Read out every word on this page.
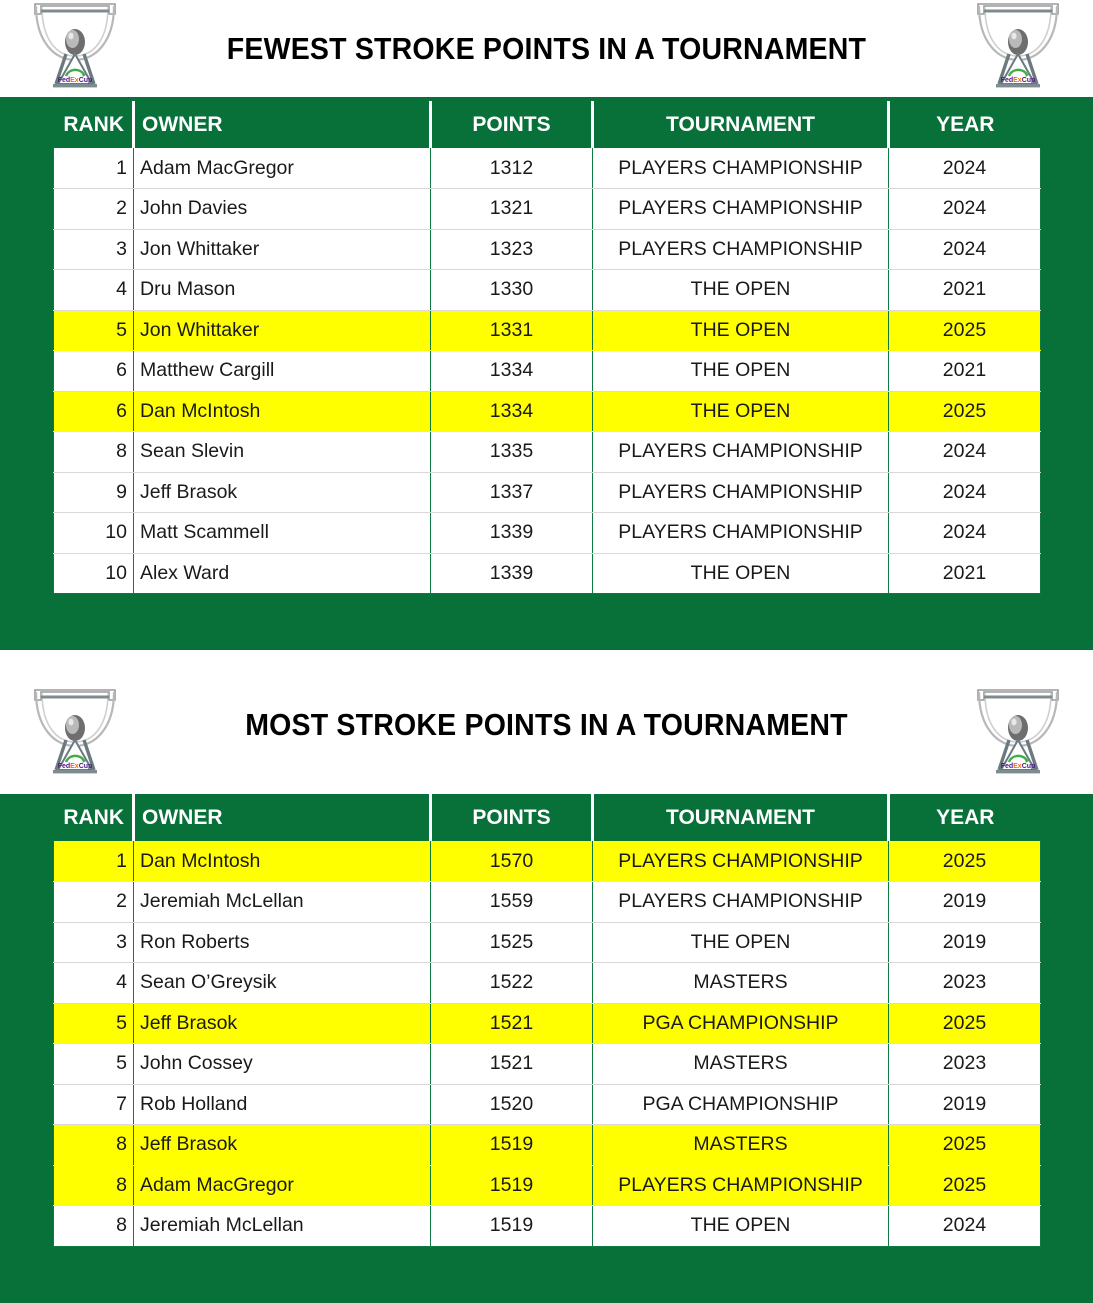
FedExCup
FEWEST STROKE POINTS IN A TOURNAMENT
FedExCup
RANK	OWNER	POINTS	TOURNAMENT	YEAR
1	Adam MacGregor	1312	PLAYERS CHAMPIONSHIP	2024
2	John Davies	1321	PLAYERS CHAMPIONSHIP	2024
3	Jon Whittaker	1323	PLAYERS CHAMPIONSHIP	2024
4	Dru Mason	1330	THE OPEN	2021
5	Jon Whittaker	1331	THE OPEN	2025
6	Matthew Cargill	1334	THE OPEN	2021
6	Dan McIntosh	1334	THE OPEN	2025
8	Sean Slevin	1335	PLAYERS CHAMPIONSHIP	2024
9	Jeff Brasok	1337	PLAYERS CHAMPIONSHIP	2024
10	Matt Scammell	1339	PLAYERS CHAMPIONSHIP	2024
10	Alex Ward	1339	THE OPEN	2021
FedExCup
MOST STROKE POINTS IN A TOURNAMENT
FedExCup
RANK	OWNER	POINTS	TOURNAMENT	YEAR
1	Dan McIntosh	1570	PLAYERS CHAMPIONSHIP	2025
2	Jeremiah McLellan	1559	PLAYERS CHAMPIONSHIP	2019
3	Ron Roberts	1525	THE OPEN	2019
4	Sean O’Greysik	1522	MASTERS	2023
5	Jeff Brasok	1521	PGA CHAMPIONSHIP	2025
5	John Cossey	1521	MASTERS	2023
7	Rob Holland	1520	PGA CHAMPIONSHIP	2019
8	Jeff Brasok	1519	MASTERS	2025
8	Adam MacGregor	1519	PLAYERS CHAMPIONSHIP	2025
8	Jeremiah McLellan	1519	THE OPEN	2024
